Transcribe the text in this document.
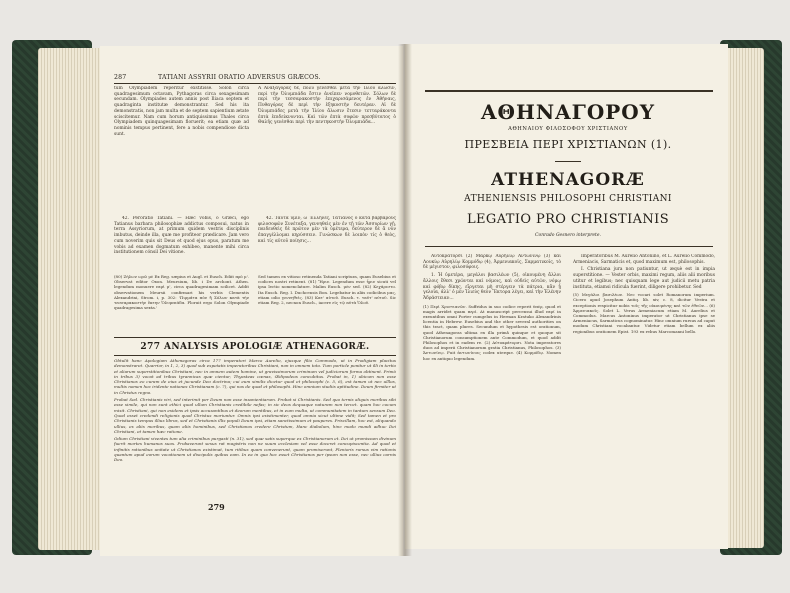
287	TATIANI ASSYRII ORATIO ADVERSUS GRÆCOS.

tum Olympiadem reperitur exstitisse. Solon circa quadragesimum octavam, Pythagoras circa sexagesimam secundam. Olympiades autem annis post Iliaca septem et quadraginta institutæ demonstrantur. Sed his ita demonstratis, non jam multa et de septem sapientium ætate sciscitemur. Nam cum horum antiquissimus Thales circa Olympiadem quinquagesimam floruerit; ea etiam quæ ad nominis tempus pertinent, fere a nobis compendiose dicta sunt.

42. Peroratio Tatiani. — Hæc vobis, o Græci, ego Tatianus barbara philosophiæ addictus composui, natus in terra Assyriorum, at primum quidem vestris disciplinis imbutus, deinde illa, quæ me profiteor prædicare. Jam vero cum noverim quis sit Deus et quod ejus opus, paratum me vobis ad examen dogmatum exhibeo, manente mihi circa institutionem cónsil Dei vitione.

(80) Ζήλων ωρῶ μὲ Ex Reg. sæpius et Augl. et Eusch. Ediit πρὸ μ'. Observat editor Oxon. Meursium, lib. i De archont. Athen. legendum monuere περὶ μ', circa quadragesimam scilicet. Addit observationem Meursii confirmari his verbis Clementis Alexandrini, Strom. i, p. 302: 'Πιρμάτα πὸν ἢ Σόλων κατὰ τὴν τεσσαρακοστὴν ἕκτην Ὀλυμπιάδα. Floruit ergo Solon Olympiade quadragesima sexta.'

Α Ἀναξαγόρας δὲ, πολὺ γενέσθαι μετὰ τὴν Ἰλίου ἅλωσιν, περὶ τὴν Ὀλυμπιάδα ἔστιν ἀνεῖπεν νομοθετῶν. Σόλων δὲ περὶ τὴν τεσσαρακοστὴν ἐπιχαρισάμενος ἐν Ἀθήναις, Πυθαγόρας δὲ περὶ τὴν ἑξηκοστὴν δευτέραν. Αἱ δὲ Ὀλυμπιάδες μετὰ τὴν Ἰλίου ἅλωσιν ἔτεσιν τετταράκοντα ἑπτὰ ἐπιδείκνυνται. Καὶ τῶν ἑπτὰ σοφῶν πρεσβύτατος ὁ Θαλῆς γενέσθαι περὶ τὴν πεντηκοστὴν Ὀλυμπιάδα...

42. Ταῦτα ὑμῖν, ὦ Ἕλληνες, Τατιανὸς ὁ κατὰ βαρβάρους φιλοσοφῶν Συνέταξα, γεννηθεὶς μὲν ἐν τῇ τῶν Ἀσσυρίων γῇ, παιδευθεὶς δὲ πρῶτον μὲν τὰ ὑμέτερα, δεύτερον δὲ ἅ νῦν ἐπαγγέλλομαι κηρύσσειν. Γινώσκων δὲ λοιπὸν τίς ὁ θεὸς, καὶ τίς αὐτοῦ ποίησις...

Sed tamen ex vitioso retinenda Tatiani scriptura, quam Eusebius et codices nostri retinent. (81) Ἤριν. Legendum esse ἦριν sicuti vel ipsa lectio nomenclature. Malim Eusch. μὲν sed. (82) Κεχάριστο. Ita Eusch. Reg. I. Duchcensis Bon. Legebatur in aliis codicibus μας, etiam odio γεννηθεὶς. (83) Κατ' αὐτοῦ. Eusch. τ. ταῦτ' αὐτοῦ. Sic etiam Reg. 2, necnon Eusch., iacere εἰς τῷ αὐτὰ Ὀλοῦ.

277 ANALYSIS APOLOGIÆ ATHENAGORÆ.

Obtulit hanc Apologiam Athenagoras circa 177 imperatori Marco Aurelio, ejusque filio Commodo, ut in Prodigiam placitus demonstraret. Quarrior, in 1, 2, 3) quod sub expetatis imperatoribus Christiani, non in omnem toto. Tum porticle ponitur ut illi in tertio et aliarum superstitionibus Christiani, nec in omnem autem homine, ut gravissimorum criminum vel judiciorum forma obtinent. Primò in tribus 3) vocat ad tribus tyrannicas quæ cientur, Thyasteas cœnas, Œdipodeos concubitus. Probat in, 1) ubicum non esse Christianos eo curam de eius et jucunde Deo doctrina; cui eum similis dicetur quod et philosophi (c. 5, 6), est tamen ut nec ulllos, multis nomen hoc iridente nationes Christianam (c. 7), qui nos de quod et philosophi. Hinc omnium studiis aptitudine. Deum firmiter ut in Christus regno.

Probat Sed. Christianis viri, sed interimit per Deum non esse insanientiarum. Probat si Christianis. Sed quo ternis aliquis moribus sibi esse simile, qui non sunt ethici quod ullum Christianis credibile nefas; in sic deos dequaque naturam non tercet. quam hoc cocum mixit. Christiani, qui non exidens et ipsis accusantibus et deorum mentibus, et in eum multa, ut communitatem in tantum sensum Deo. Quod esset credendi religionis quod Christus moriuntur. Omnis ipsi existimenter, quod omnia sicut ultime vidit; Sed tamen et pro Christianis tempus illius libros, sed et Christianis illis populi Deum ipsi, etiam sanctissimum et pauperes. Priscillam, hoc est, aliquando ullius, ex aliis moribus, quam aliis hominibus, sed Christianos credere Christum, Hanc diabolum, hinc modo mundi adhuc Dei Christiani, et tamen hæc ratione.

Odium Christiani viventes tum alia criminibus purgasti (n. 31), sed quæ satis superque ex Christianorum et. Dei ut promissum divinum fuerit mortes humanos suos. Probaverunt sexus rat magistris non ne suum ecclesiam vel esse doceret concupiscentia. Ad quod et infinitis rationibus unitate ut Christianos existimat, tum ritibus quam convenerunt, quam promiserunt, Plenioris rursus vim rationis quantum apud eorum vocationem ut discipulis quibus eam. In ea in qua hoc esset Christianos per ipsum non esse, nec ullius carnis Deo.

279
ΑΘΗΝΑΓΟΡΟΥ
ΑΘΗΝΑΙΟΥ ΦΙΛΟΣΟΦΟΥ ΧΡΙΣΤΙΑΝΟΥ
ΠΡΕΣΒΕΙΑ ΠΕΡΙ ΧΡΙΣΤΙΑΝΩΝ (1).
ATHENAGORÆ
ATHENIENSIS PHILOSOPHI CHRISTIANI
LEGATIO PRO CHRISTIANIS
Conrado Gesnero interprete.

Αὐτοκράτορσι (2) Μάρκῳ Αὐρηλίῳ Ἀντωνίνῳ (3) καὶ Λουκίῳ Αὐρηλίῳ Κομμόδῳ (4), Ἀρμενιακοῖς, Σαρματικοῖς, τὸ δὲ μέγιστον, φιλοσόφοις.

1. Ἡ ὑμετέρα, μεγάλοι βασιλέων (5), οἰκουμένη ἄλλοι ἄλλοις ἔθεσι χρῶνται καὶ νόμοις, καὶ οὐδεὶς αὐτῶν, νόμῳ καὶ φόβῳ δίκης, εἴργεται μὴ στέργειν τὰ πάτρια, κἂν ᾖ γελοῖα, ἀλλ' ὁ μὲν Ἰλιεὺς θεὸν Ἕκτορα λέγει, καὶ τὴν Ἑλένην Ἀδράστειαν...

(1) Περὶ Χριστιανῶν. Suffridus in suo codice reperit ὑπὲρ, quod et magis arridet quam περί. At manuscript percensui illud περί in exeuntibus omni Porter cumgelus in Herman Kratuko Alexandrinis licentia in Hebrew. Eusebius and the other several authorities on this tract, quam plures. Secundum et hypothesis est orationum, quod Athenagoras ultima ex illa primâ quinque et quoque sit Christianorum consumptionem ante Commodum, et quod addit Philosophos et in eadem re. (2) Αὐτοκράτορσι. Nota imperatores duos ad imperii Christianorum gratia Christianus, Philosophos. (3) Ἀντωνίνῳ. Fuit ἀντωνίνοις codex uterque. (4) Κομμόδῳ. Nomen hoc ex antiquo legendum.

Imperatoribus M. Aurelio Antonino, et L. Aurelio Commodo, Armeniacis, Sarmaticis et, quod maximum est, philosophis.

I. Christiana jura non patiuntur, ut æquè est in impia superstitione. — Vester orbis, maximi regum, aliis alii moribus utitur et legibus; nec quisquam lege aut judicii metu patria instituta, etiamsi ridicula fuerint, diligere prohibetur. Sed

(5) Μεγάλοι βασιλέων. Nec vocari solet Romanorum imperium. Cicero apud Josephum Antiq. lib. xiv, c. 8, dicitur Vestra et exceptionis respicitur nobis τοῖς τῆς οἰκουμένης καὶ τῶν ἐθνῶν... (6) Ἀρμενιακοῖς. Solet L. Verus Armeniacum etiam M. Aurelius et Commodus. Marcus Antoninus imperator ut Christianus ipse se Armeniacus, Sarmaticus cognominatur. Hinc omnium rursus ad caput modum Christiani vocabantur. Videtur etiam bellum ex aliis regionibus orationem Epist. 193 ex rebus Marcomanni bello.
